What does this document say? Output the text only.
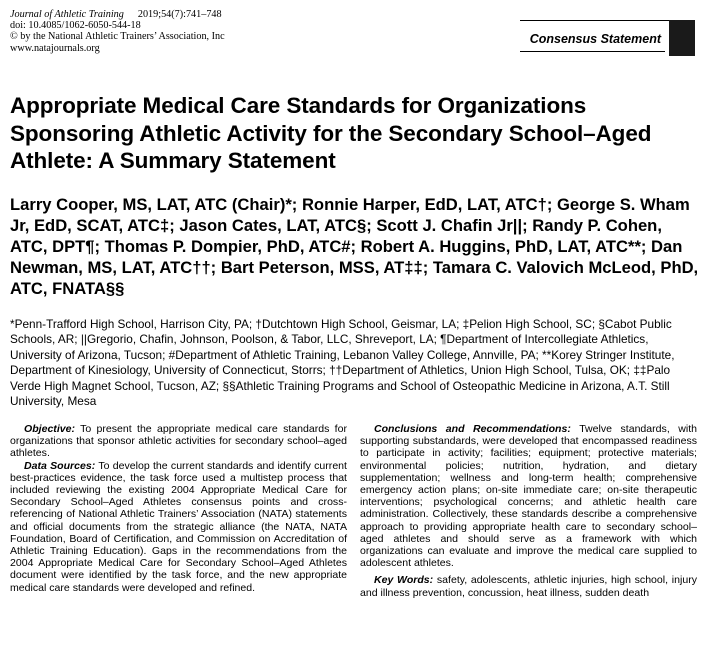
Journal of Athletic Training 2019;54(7):741–748
doi: 10.4085/1062-6050-544-18
© by the National Athletic Trainers’ Association, Inc
www.natajournals.org
Consensus Statement
Appropriate Medical Care Standards for Organizations Sponsoring Athletic Activity for the Secondary School–Aged Athlete: A Summary Statement
Larry Cooper, MS, LAT, ATC (Chair)*; Ronnie Harper, EdD, LAT, ATC†; George S. Wham Jr, EdD, SCAT, ATC‡; Jason Cates, LAT, ATC§; Scott J. Chafin Jr||; Randy P. Cohen, ATC, DPT¶; Thomas P. Dompier, PhD, ATC#; Robert A. Huggins, PhD, LAT, ATC**; Dan Newman, MS, LAT, ATC††; Bart Peterson, MSS, AT‡‡; Tamara C. Valovich McLeod, PhD, ATC, FNATA§§
*Penn-Trafford High School, Harrison City, PA; †Dutchtown High School, Geismar, LA; ‡Pelion High School, SC; §Cabot Public Schools, AR; ||Gregorio, Chafin, Johnson, Poolson, & Tabor, LLC, Shreveport, LA; ¶Department of Intercollegiate Athletics, University of Arizona, Tucson; #Department of Athletic Training, Lebanon Valley College, Annville, PA; **Korey Stringer Institute, Department of Kinesiology, University of Connecticut, Storrs; ††Department of Athletics, Union High School, Tulsa, OK; ‡‡Palo Verde High Magnet School, Tucson, AZ; §§Athletic Training Programs and School of Osteopathic Medicine in Arizona, A.T. Still University, Mesa

Objective: To present the appropriate medical care standards for organizations that sponsor athletic activities for secondary school–aged athletes.

Data Sources: To develop the current standards and identify current best-practices evidence, the task force used a multistep process that included reviewing the existing 2004 Appropriate Medical Care for Secondary School–Aged Athletes consensus points and cross-referencing of National Athletic Trainers’ Association (NATA) statements and official documents from the strategic alliance (the NATA, NATA Foundation, Board of Certification, and Commission on Accreditation of Athletic Training Education). Gaps in the recommendations from the 2004 Appropriate Medical Care for Secondary School–Aged Athletes document were identified by the task force, and the new appropriate medical care standards were developed and refined.

Conclusions and Recommendations: Twelve standards, with supporting substandards, were developed that encompassed readiness to participate in activity; facilities; equipment; protective materials; environmental policies; nutrition, hydration, and dietary supplementation; wellness and long-term health; comprehensive emergency action plans; on-site immediate care; on-site therapeutic interventions; psychological concerns; and athletic health care administration. Collectively, these standards describe a comprehensive approach to providing appropriate health care to secondary school–aged athletes and should serve as a framework with which organizations can evaluate and improve the medical care supplied to adolescent athletes.

Key Words: safety, adolescents, athletic injuries, high school, injury and illness prevention, concussion, heat illness, sudden death
